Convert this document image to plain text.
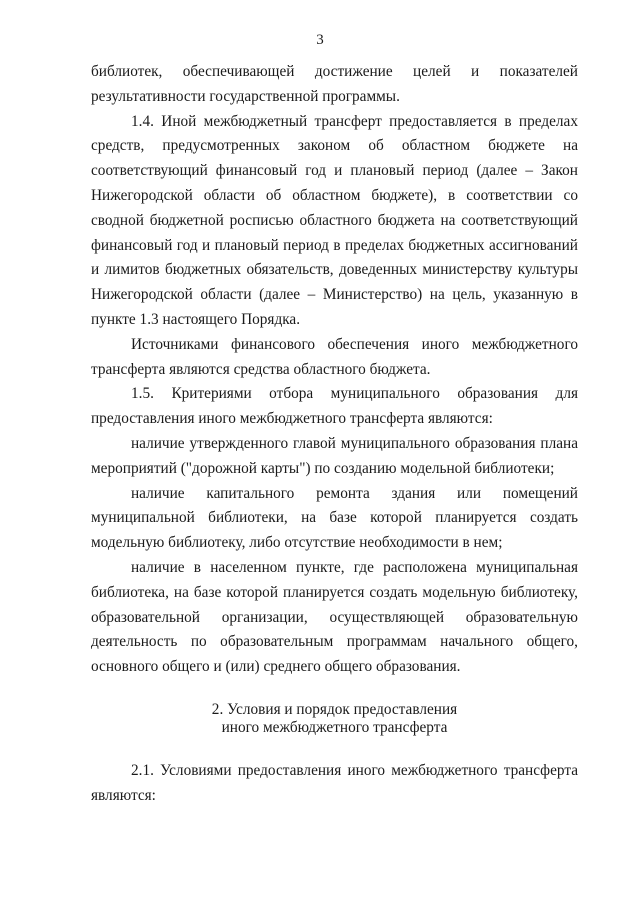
3

библиотек, обеспечивающей достижение целей и показателей результативности государственной программы.

1.4. Иной межбюджетный трансферт предоставляется в пределах средств, предусмотренных законом об областном бюджете на соответствующий финансовый год и плановый период (далее – Закон Нижегородской области об областном бюджете), в соответствии со сводной бюджетной росписью областного бюджета на соответствующий финансовый год и плановый период в пределах бюджетных ассигнований и лимитов бюджетных обязательств, доведенных министерству культуры Нижегородской области (далее – Министерство) на цель, указанную в пункте 1.3 настоящего Порядка.

Источниками финансового обеспечения иного межбюджетного трансферта являются средства областного бюджета.

1.5. Критериями отбора муниципального образования для предоставления иного межбюджетного трансферта являются:

наличие утвержденного главой муниципального образования плана мероприятий ("дорожной карты") по созданию модельной библиотеки;

наличие капитального ремонта здания или помещений муниципальной библиотеки, на базе которой планируется создать модельную библиотеку, либо отсутствие необходимости в нем;

наличие в населенном пункте, где расположена муниципальная библиотека, на базе которой планируется создать модельную библиотеку, образовательной организации, осуществляющей образовательную деятельность по образовательным программам начального общего, основного общего и (или) среднего общего образования.

2. Условия и порядок предоставления
иного межбюджетного трансферта

2.1. Условиями предоставления иного межбюджетного трансферта являются:
